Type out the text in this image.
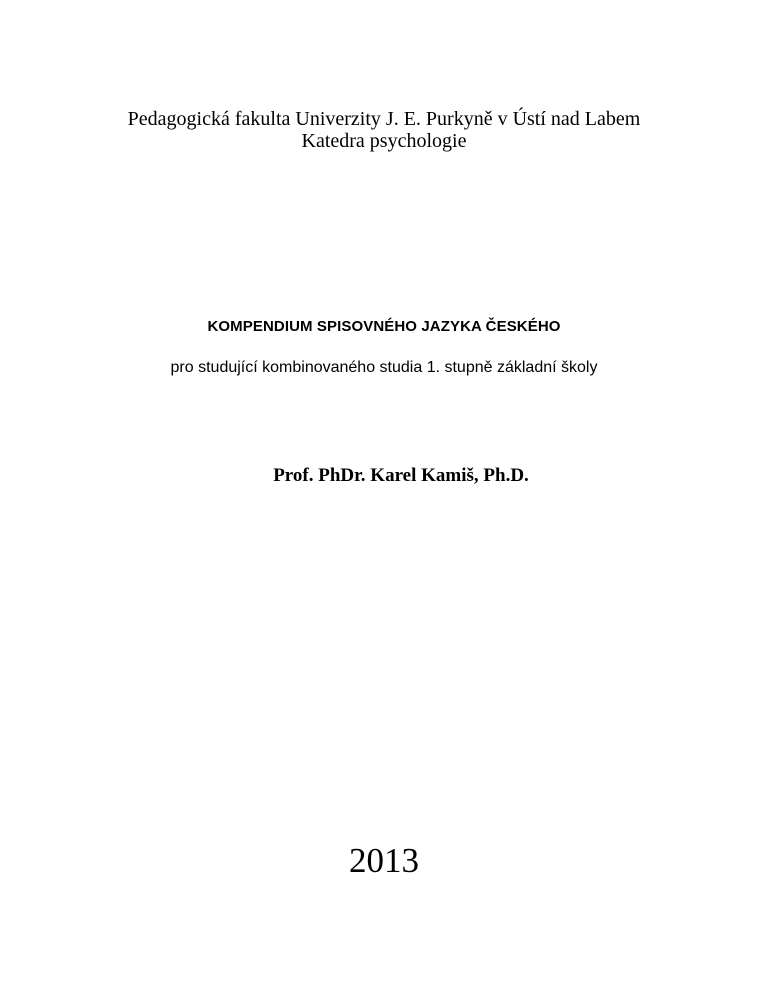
Pedagogická fakulta Univerzity J. E. Purkyně v Ústí nad Labem
Katedra psychologie
KOMPENDIUM SPISOVNÉHO JAZYKA ČESKÉHO
pro studující kombinovaného studia 1. stupně základní školy
Prof. PhDr. Karel Kamiš, Ph.D.
2013
